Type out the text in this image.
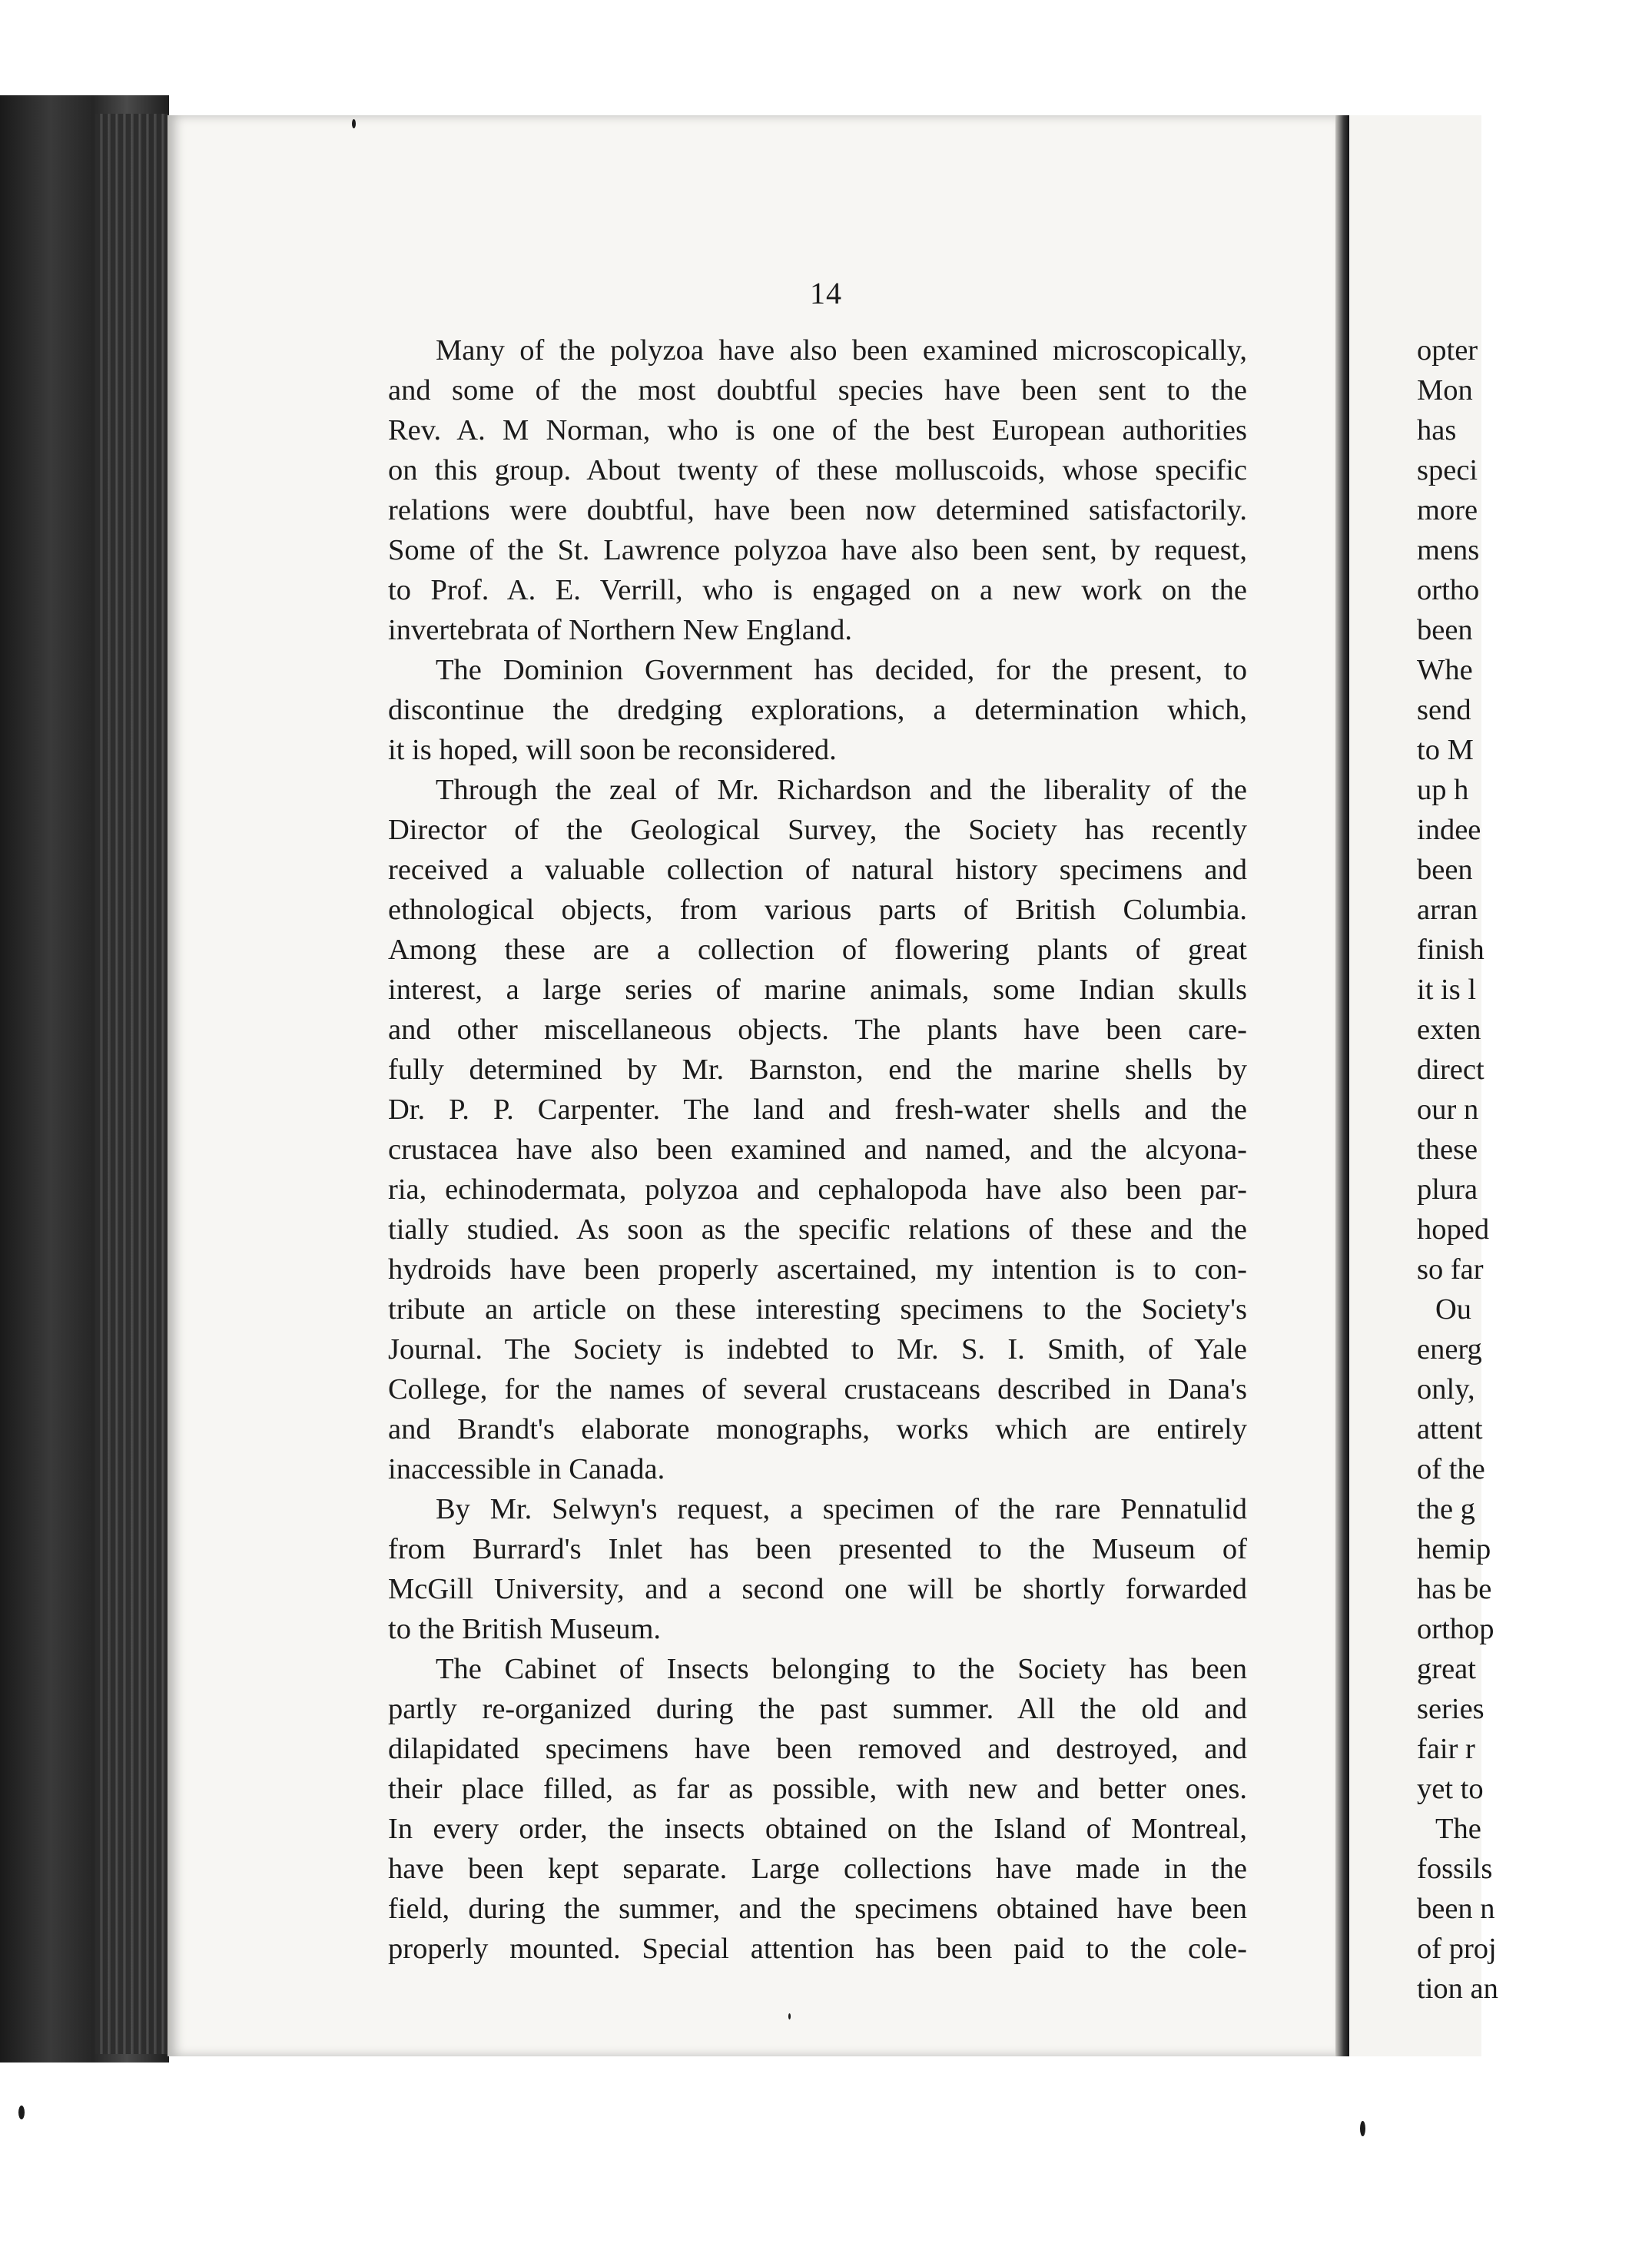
14
Many of the polyzoa have also been examined microscopically,
and some of the most doubtful species have been sent to the
Rev. A. M Norman, who is one of the best European authorities
on this group. About twenty of these molluscoids, whose specific
relations were doubtful, have been now determined satisfactorily.
Some of the St. Lawrence polyzoa have also been sent, by request,
to Prof. A. E. Verrill, who is engaged on a new work on the
invertebrata of Northern New England.
The Dominion Government has decided, for the present, to
discontinue the dredging explorations, a determination which,
it is hoped, will soon be reconsidered.
Through the zeal of Mr. Richardson and the liberality of the
Director of the Geological Survey, the Society has recently
received a valuable collection of natural history specimens and
ethnological objects, from various parts of British Columbia.
Among these are a collection of flowering plants of great
interest, a large series of marine animals, some Indian skulls
and other miscellaneous objects. The plants have been care-
fully determined by Mr. Barnston, end the marine shells by
Dr. P. P. Carpenter. The land and fresh-water shells and the
crustacea have also been examined and named, and the alcyona-
ria, echinodermata, polyzoa and cephalopoda have also been par-
tially studied. As soon as the specific relations of these and the
hydroids have been properly ascertained, my intention is to con-
tribute an article on these interesting specimens to the Society's
Journal. The Society is indebted to Mr. S. I. Smith, of Yale
College, for the names of several crustaceans described in Dana's
and Brandt's elaborate monographs, works which are entirely
inaccessible in Canada.
By Mr. Selwyn's request, a specimen of the rare Pennatulid
from Burrard's Inlet has been presented to the Museum of
McGill University, and a second one will be shortly forwarded
to the British Museum.
The Cabinet of Insects belonging to the Society has been
partly re-organized during the past summer. All the old and
dilapidated specimens have been removed and destroyed, and
their place filled, as far as possible, with new and better ones.
In every order, the insects obtained on the Island of Montreal,
have been kept separate. Large collections have made in the
field, during the summer, and the specimens obtained have been
properly mounted. Special attention has been paid to the cole-
opter
Mon
has
speci
more
mens
ortho
been
Whe
send
to M
up h
indee
been
arran
finish
it is l
exten
direct
our n
these
plura
hoped
so far
Ou
energ
only,
attent
of the
the g
hemip
has be
orthop
great
series
fair r
yet to
The
fossils
been n
of proj
tion an
